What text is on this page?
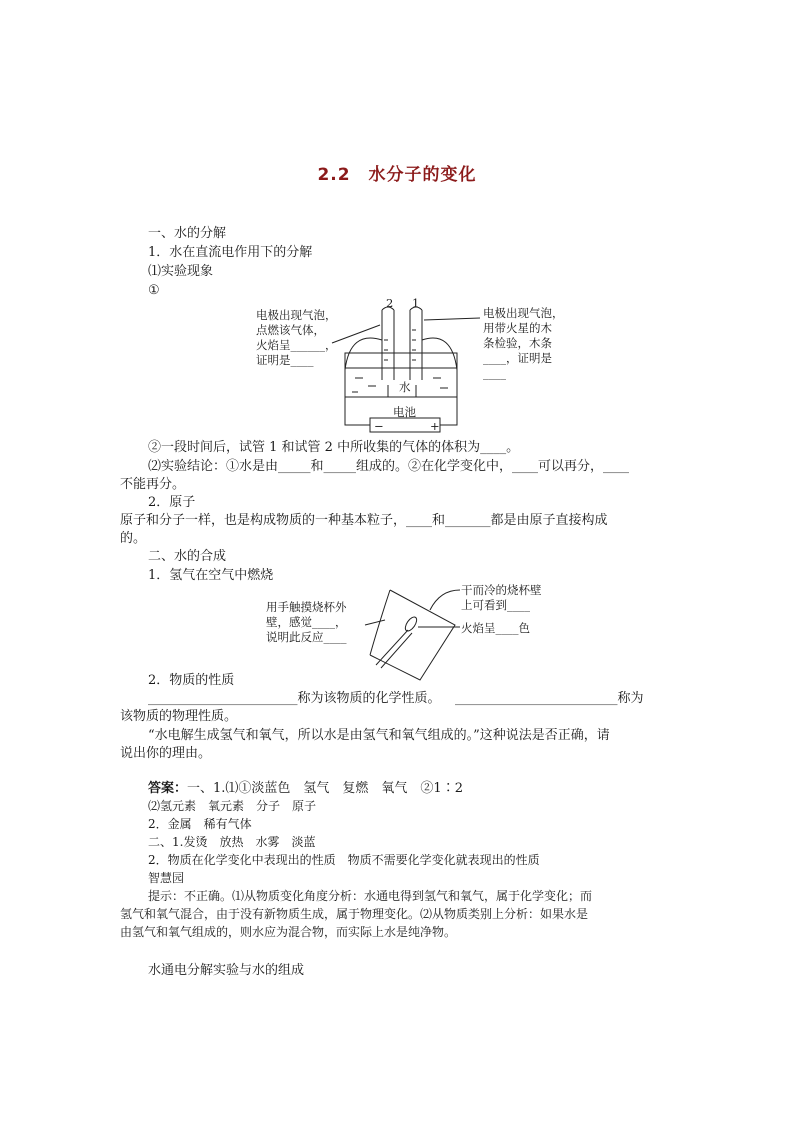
2.2　水分子的变化
一、水的分解
1．水在直流电作用下的分解
⑴实验现象
①
电极出现气泡，
点燃该气体，
火焰呈______，
证明是____
电极出现气泡，
用带火星的木
条检验，木条
____，证明是
____
2 1
水
电池
−	+
②一段时间后，试管 1 和试管 2 中所收集的气体的体积为____。
⑵实验结论：①水是由_____和_____组成的。②在化学变化中，____可以再分，____
不能再分。
2．原子
原子和分子一样，也是构成物质的一种基本粒子，____和_______都是由原子直接构成
的。
二、水的合成
1．氢气在空气中燃烧
用手触摸烧杯外
壁，感觉____，
说明此反应____
干而冷的烧杯壁
上可看到____
火焰呈____色
2．物质的性质
_______________________称为该物质的化学性质。 _________________________称为
该物质的物理性质。
“水电解生成氢气和氧气，所以水是由氢气和氧气组成的。”这种说法是否正确，请
说出你的理由。
答案：一、1.⑴①淡蓝色　氢气　复燃　氧气　②1∶2
⑵氢元素　氧元素　分子　原子
2．金属　稀有气体
二、1.发烫　放热　水雾　淡蓝
2．物质在化学变化中表现出的性质　物质不需要化学变化就表现出的性质
智慧园
提示：不正确。⑴从物质变化角度分析：水通电得到氢气和氧气，属于化学变化；而
氢气和氧气混合，由于没有新物质生成，属于物理变化。⑵从物质类别上分析：如果水是
由氢气和氧气组成的，则水应为混合物，而实际上水是纯净物。
水通电分解实验与水的组成
